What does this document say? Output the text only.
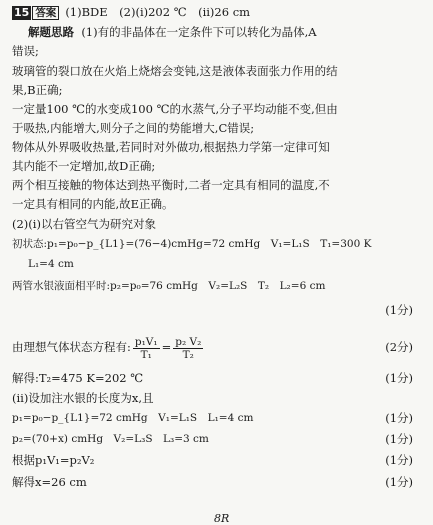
15 答案 (1)BDE　(2)(ⅰ)202 ℃　(ⅱ)26 cm
解题思路 (1)有的非晶体在一定条件下可以转化为晶体,A
错误;
玻璃管的裂口放在火焰上烧熔会变钝,这是液体表面张力作用的结
果,B正确;
一定量100 ℃的水变成100 ℃的水蒸气,分子平均动能不变,但由
于吸热,内能增大,则分子之间的势能增大,C错误;
物体从外界吸收热量,若同时对外做功,根据热力学第一定律可知
其内能不一定增加,故D正确;
两个相互接触的物体达到热平衡时,二者一定具有相同的温度,不
一定具有相同的内能,故E正确。
(2)(ⅰ)以右管空气为研究对象
初状态:p₁=p₀−p_{L1}=(76−4)cmHg=72 cmHg　V₁=L₁S　T₁=300 K
L₁=4 cm
两管水银液面相平时:p₂=p₀=76 cmHg　V₂=L₂S　T₂　L₂=6 cm
(1分)
由理想气体状态方程有: $\frac{\text{p₁V₁}}{\text{T₁}} = \frac{\text{p₂ V₂}}{\text{T₂}}$	(2分)
解得:T₂=475 K=202 ℃	(1分)
(ⅱ)设加注水银的长度为x,且
p₁=p₀−p_{L1}=72 cmHg　V₁=L₁S　L₁=4 cm	(1分)
p₂=(70+x) cmHg　V₂=L₃S　L₃=3 cm	(1分)
根据p₁V₁=p₂V₂	(1分)
解得x=26 cm	(1分)
8R
